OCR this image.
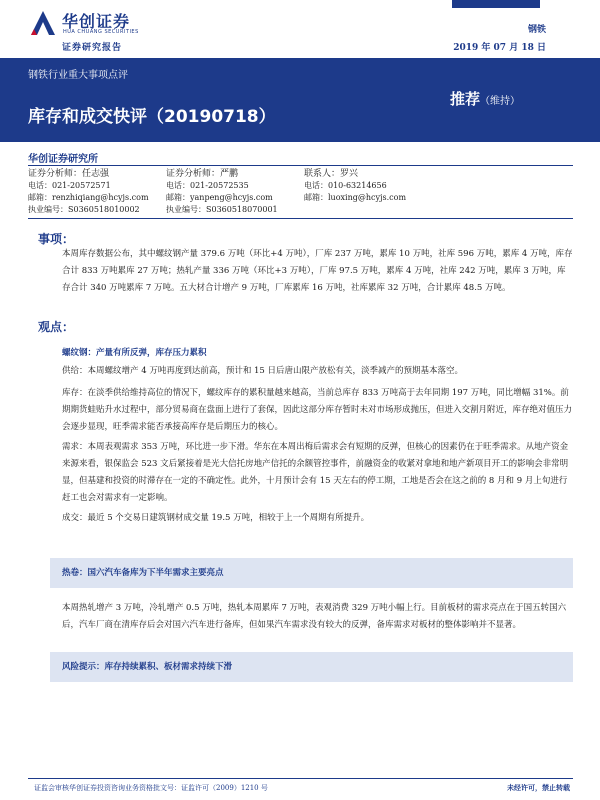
华创证券
HUA CHUANG SECURITIES
证券研究报告
钢铁
2019 年 07 月 18 日
钢铁行业重大事项点评
库存和成交快评（20190718）
推荐（维持）
华创证券研究所
证券分析师：任志强
电话：021-20572571
邮箱：renzhiqiang@hcyjs.com
执业编号：S0360518010002
证券分析师：严鹏
电话：021-20572535
邮箱：yanpeng@hcyjs.com
执业编号：S0360518070001
联系人：罗兴
电话：010-63214656
邮箱：luoxing@hcyjs.com
事项：
本周库存数据公布，其中螺纹钢产量 379.6 万吨（环比+4 万吨），厂库 237 万吨，累库 10 万吨，社库 596 万吨，累库 4 万吨，库存合计 833 万吨累库 27 万吨；热轧产量 336 万吨（环比+3 万吨），厂库 97.5 万吨，累库 4 万吨，社库 242 万吨，累库 3 万吨，库存合计 340 万吨累库 7 万吨。五大材合计增产 9 万吨，厂库累库 16 万吨，社库累库 32 万吨，合计累库 48.5 万吨。
观点：
螺纹钢：产量有所反弹，库存压力累积
供给：本周螺纹增产 4 万吨再度到达前高，预计和 15 日后唐山限产放松有关，淡季减产的预期基本落空。
库存：在淡季供给维持高位的情况下，螺纹库存的累积量越来越高，当前总库存 833 万吨高于去年同期 197 万吨，同比增幅 31%。前期期货蛙贴升水过程中，部分贸易商在盘面上进行了套保，因此这部分库存暂时未对市场形成抛压，但进入交割月附近，库存绝对值压力会逐步显现，旺季需求能否承接高库存是后期压力的核心。
需求：本周表观需求 353 万吨，环比进一步下滑。华东在本周出梅后需求会有短期的反弹，但核心的因素仍在于旺季需求。从地产资金来源来看，银保监会 523 文后紧接着是光大信托房地产信托的余额管控事件，前融资金的收紧对拿地和地产新项目开工的影响会非常明显，但基建和投资的时滞存在一定的不确定性。此外，十月预计会有 15 天左右的停工期，工地是否会在这之前的 8 月和 9 月上旬进行赶工也会对需求有一定影响。
成交：最近 5 个交易日建筑钢材成交量 19.5 万吨，相较于上一个周期有所提升。
热卷：国六汽车备库为下半年需求主要亮点
本周热轧增产 3 万吨，冷轧增产 0.5 万吨，热轧本周累库 7 万吨，表观消费 329 万吨小幅上行。目前板材的需求亮点在于国五转国六后，汽车厂商在清库存后会对国六汽车进行备库，但如果汽车需求没有较大的反弹，备库需求对板材的整体影响并不显著。
风险提示：库存持续累积、板材需求持续下滑
证监会审核华创证券投资咨询业务资格批文号：证监许可（2009）1210 号	未经许可，禁止转载
